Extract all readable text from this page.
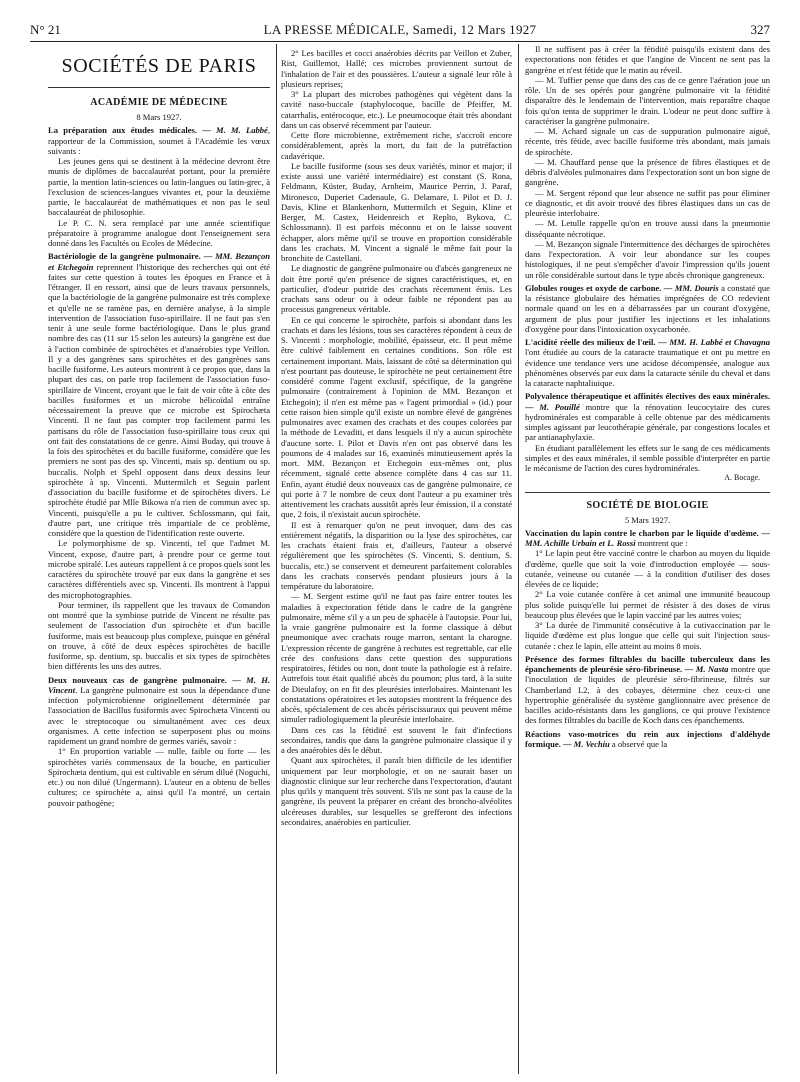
N° 21	LA PRESSE MÉDICALE, Samedi, 12 Mars 1927	327
SOCIÉTÉS DE PARIS
ACADÉMIE DE MÉDECINE
8 Mars 1927.

La préparation aux études médicales. — M. M. Labbé, rapporteur de la Commission, soumet à l'Académie les vœux suivants :

Les jeunes gens qui se destinent à la médecine devront être munis de diplômes de baccalauréat portant, pour la première partie, la mention latin-sciences ou latin-langues ou latin-grec, à l'exclusion de sciences-langues vivantes et, pour la deuxième partie, le baccalauréat de mathématiques et non pas le seul baccalauréat de philosophie.

Le P. C. N. sera remplacé par une année scientifique préparatoire à programme analogue dont l'enseignement sera donné dans les Facultés ou Ecoles de Médecine.

Bactériologie de la gangrène pulmonaire. — MM. Bezançon et Etchegoin reprennent l'historique des recherches qui ont été faites sur cette question à toutes les époques en France et à l'étranger. Il en ressort, ainsi que de leurs travaux personnels, que la bactériologie de la gangrène pulmonaire est très complexe et qu'elle ne se ramène pas, en dernière analyse, à la simple intervention de l'association fuso-spirillaire. Il ne faut pas s'en tenir à une seule forme bactériologique. Dans le plus grand nombre des cas (11 sur 15 selon les auteurs) la gangrène est due à l'action combinée de spirochètes et d'anaérobies type Veillon. Il y a des gangrènes sans spirochètes et des gangrènes sans bacille fusiforme. Les auteurs montrent à ce propos que, dans la plupart des cas, on parle trop facilement de l'association fuso-spirillaire de Vincent, croyant que le fait de voir côte à côte des bacilles fusiformes et un microbe hélicoïdal entraîne nécessairement la preuve que ce microbe est Spirochæta Vincenti. Il ne faut pas compter trop facilement parmi les partisans du rôle de l'association fuso-spirillaire tous ceux qui ont fait des constatations de ce genre. Ainsi Buday, qui trouve à la fois des spirochètes et du bacille fusiforme, considère que les premiers ne sont pas des sp. Vincenti, mais sp. dentium ou sp. buccalis. Nolph et Spehl opposent dans deux dessins leur spirochète à sp. Vincenti. Muttermilch et Seguin parlent d'association du bacille fusiforme et de spirochètes divers. Le spirochète étudié par Mlle Bikowa n'a rien de commun avec sp. Vincenti, puisqu'elle a pu le cultiver. Schlossmann, qui fait, d'autre part, une critique très impartiale de ce problème, considère que la question de l'identification reste ouverte.

Le polymorphisme de sp. Vincenti, tel que l'admet M. Vincent, expose, d'autre part, à prendre pour ce germe tout microbe spiralé. Les auteurs rappellent à ce propos quels sont les caractères du spirochète trouvé par eux dans la gangrène et ses caractères différentiels avec sp. Vincenti. Ils montrent à l'appui des microphotographies.

Pour terminer, ils rappellent que les travaux de Comandon ont montré que la symbiose putride de Vincent ne résulte pas seulement de l'association d'un spirochète et d'un bacille fusiforme, mais est beaucoup plus complexe, puisque en général on trouve, à côté de deux espèces spirochètes de bacille fusiforme, sp. dentium, sp. buccalis et six types de spirochètes bien différents les uns des autres.

Deux nouveaux cas de gangrène pulmonaire. — M. H. Vincent. La gangrène pulmonaire est sous la dépendance d'une infection polymicrobienne originellement déterminée par l'association de Bacillus fusiformis avec Spirochæta Vincenti ou avec le streptocoque ou simultanément avec ces deux organismes. A cette infection se superposent plus ou moins rapidement un grand nombre de germes variés, savoir :

1° En proportion variable — nulle, faible ou forte — les spirochètes variés commensaux de la bouche, en particulier Spirochæta dentium, qui est cultivable en sérum dilué (Noguchi, etc.) ou non dilué (Ungermann). L'auteur en a obtenu de belles cultures; ce spirochète a, ainsi qu'il l'a montré, un certain pouvoir pathogène;

2° Les bacilles et cocci anaérobies décrits par Veillon et Zuber, Rist, Guillemot, Hallé; ces microbes proviennent surtout de l'inhalation de l'air et des poussières. L'auteur a signalé leur rôle à plusieurs reprises;

3° La plupart des microbes pathogènes qui végètent dans la cavité naso-buccale (staphylocoque, bacille de Pfeiffer, M. catarrhalis, entérocoque, etc.). Le pneumocoque était très abondant dans un cas observé récemment par l'auteur.

Cette flore microbienne, extrêmement riche, s'accroît encore considérablement, après la mort, du fait de la putréfaction cadavérique.

Le bacille fusiforme (sous ses deux variétés, minor et major; il existe aussi une variété intermédiaire) est constant (S. Rona, Feldmann, Küster, Buday, Arnheim, Maurice Perrin, J. Paraf, Mironesco, Duperiet Cadenaule, G. Delamare, I. Pilot et D. J. Davis, Kline et Blankenhorn, Muttermilch et Seguin, Kline et Berger, M. Castex, Heidenreich et Replto, Bykova, C. Schlossmann). Il est parfois méconnu et on le laisse souvent échapper, alors même qu'il se trouve en proportion considérable dans les crachats. M. Vincent a signalé le même fait pour la bronchite de Castellani.

Le diagnostic de gangrène pulmonaire ou d'abcès gangreneux ne doit être porté qu'en présence de signes caractéristiques, et, en particulier, d'odeur putride des crachats récemment émis. Les crachats sans odeur ou à odeur faible ne répondent pas au processus gangreneux véritable.

En ce qui concerne le spirochète, parfois si abondant dans les crachats et dans les lésions, tous ses caractères répondent à ceux de S. Vincenti : morphologie, mobilité, épaisseur, etc. Il peut même être cultivé faiblement en certaines conditions. Son rôle est certainement important. Mais, laissant de côté sa détermination qui n'est pourtant pas douteuse, le spirochète ne peut certainement être considéré comme l'agent exclusif, spécifique, de la gangrène pulmonaire (contrairement à l'opinion de MM. Bezançon et Etchegoin); il n'en est même pas « l'agent primordial » (id.) pour cette raison bien simple qu'il existe un nombre élevé de gangrènes pulmonaires avec examen des crachats et des coupes colorées par la méthode de Levaditi, et dans lesquels il n'y a aucun spirochète d'aucune sorte. I. Pilot et Davis n'en ont pas observé dans les poumons de 4 malades sur 16, examinés minutieusement après la mort. MM. Bezançon et Etchegoin eux-mêmes ont, plus récemment, signalé cette absence complète dans 4 cas sur 11. Enfin, ayant étudié deux nouveaux cas de gangrène pulmonaire, ce qui porte à 7 le nombre de ceux dont l'auteur a pu examiner très attentivement les crachats aussitôt après leur émission, il a constaté que, 2 fois, il n'existait aucun spirochète.

Il est à remarquer qu'on ne peut invoquer, dans des cas entièrement négatifs, la disparition ou la lyse des spirochètes, car les crachats étaient frais et, d'ailleurs, l'auteur a observé régulièrement que les spirochètes (S. Vincenti, S. dentium, S. buccalis, etc.) se conservent et demeurent parfaitement colorables dans les crachats conservés pendant plusieurs jours à la température du laboratoire.

— M. Sergent estime qu'il ne faut pas faire entrer toutes les maladies à expectoration fétide dans le cadre de la gangrène pulmonaire, même s'il y a un peu de sphacèle à l'autopsie. Pour lui, la vraie gangrène pulmonaire est la forme classique à début pneumonique avec crachats rouge marron, sentant la charogne. L'expression récente de gangrène à rechutes est regrettable, car elle crée des confusions dans cette question des suppurations respiratoires, fétides ou non, dont toute la pathologie est à refaire. Autrefois tout était qualifié abcès du poumon; plus tard, à la suite de Dieulafoy, on en fit des pleurésies interlobaires. Maintenant les constatations opératoires et les autopsies montrent la fréquence des abcès, spécialement de ces abcès périscissuraux qui peuvent même simuler radiologiquement la pleurésie interlobaire.

Dans ces cas la fétidité est souvent le fait d'infections secondaires, tandis que dans la gangrène pulmonaire classique il y a des anaérobies dès le début.

Quant aux spirochètes, il paraît bien difficile de les identifier uniquement par leur morphologie, et on ne saurait baser un diagnostic clinique sur leur recherche dans l'expectoration, d'autant plus qu'ils y manquent très souvent. S'ils ne sont pas la cause de la gangrène, ils peuvent la préparer en créant des broncho-alvéolites ulcéreuses durables, sur lesquelles se grefferont des infections secondaires, anaérobies en particulier.

Il ne suffisent pas à créer la fétidité puisqu'ils existent dans des expectorations non fétides et que l'angine de Vincent ne sent pas la gangrène et n'est fétide que le matin au réveil.

— M. Tuffier pense que dans des cas de ce genre l'aération joue un rôle. Un de ses opérés pour gangrène pulmonaire vit la fétidité disparaître dès le lendemain de l'intervention, mais reparaître chaque fois qu'on tenta de supprimer le drain. L'odeur ne peut donc suffire à caractériser la gangrène pulmonaire.

— M. Achard signale un cas de suppuration pulmonaire aiguë, récente, très fétide, avec bacille fusiforme très abondant, mais jamais de spirochète.

— M. Chauffard pense que la présence de fibres élastiques et de débris d'alvéoles pulmonaires dans l'expectoration sont un bon signe de gangrène.

— M. Sergent répond que leur absence ne suffit pas pour éliminer ce diagnostic, et dit avoir trouvé des fibres élastiques dans un cas de pleurésie interlobaire.

— M. Letulle rappelle qu'on en trouve aussi dans la pneumonie disséquante nécrotique.

— M. Bezançon signale l'intermittence des décharges de spirochètes dans l'expectoration. A voir leur abondance sur les coupes histologiques, il ne peut s'empêcher d'avoir l'impression qu'ils jouent un rôle considérable surtout dans le type abcès chronique gangreneux.

Globules rouges et oxyde de carbone. — MM. Douris a constaté que la résistance globulaire des hématies imprégnées de CO redevient normale quand on les en a débarrassées par un courant d'oxygène, argument de plus pour justifier les injections et les inhalations d'oxygène pour dans l'intoxication oxycarbonée.

L'acidité réelle des milieux de l'œil. — MM. H. Labbé et Chavagna l'ont étudiée au cours de la cataracte traumatique et ont pu mettre en évidence une tendance vers une acidose décompensée, analogue aux phénomènes observés par eux dans la cataracte sénile du cheval et dans la cataracte naphtaliuique.

Polyvalence thérapeutique et affinités électives des eaux minérales. — M. Pouillé montre que la rénovation leucocytaire des cures hydrominérales est comparable à celle obtenue par des médicaments simples agissant par leucothérapie générale, par congestions locales et par antianaphylaxie.

En étudiant parallèlement les effets sur le sang de ces médicaments simples et des eaux minérales, il semble possible d'interpréter en partie le mécanisme de l'action des cures hydrominérales.

A. Bocage.

SOCIÉTÉ DE BIOLOGIE
5 Mars 1927.

Vaccination du lapin contre le charbon par le liquide d'œdème. — MM. Achille Urbain et L. Rossi montrent que :

1° Le lapin peut être vacciné contre le charbon au moyen du liquide d'œdème, quelle que soit la voie d'introduction employée — sous-cutanée, veineuse ou cutanée — à la condition d'utiliser des doses élevées de ce liquide;

2° La voie cutanée confère à cet animal une immunité beaucoup plus solide puisqu'elle lui permet de résister à des doses de virus beaucoup plus élevées que le lapin vacciné par les autres voies;

3° La durée de l'immunité consécutive à la cutivaccination par le liquide d'œdème est plus longue que celle qui suit l'injection sous-cutanée : chez le lapin, elle atteint au moins 8 mois.

Présence des formes filtrables du bacille tuberculeux dans les épanchements de pleurésie séro-fibrineuse. — M. Nasta montre que l'inoculation de liquides de pleurésie séro-fibrineuse, filtrés sur Chamberland L2, à des cobayes, détermine chez ceux-ci une hypertrophie généralisée du système ganglionnaire avec présence de bacilles acido-résistants dans les ganglions, ce qui prouve l'existence des formes filtrables du bacille de Koch dans ces épanchements.

Réactions vaso-motrices du rein aux injections d'aldéhyde formique. — M. Vechiu a observé que la
